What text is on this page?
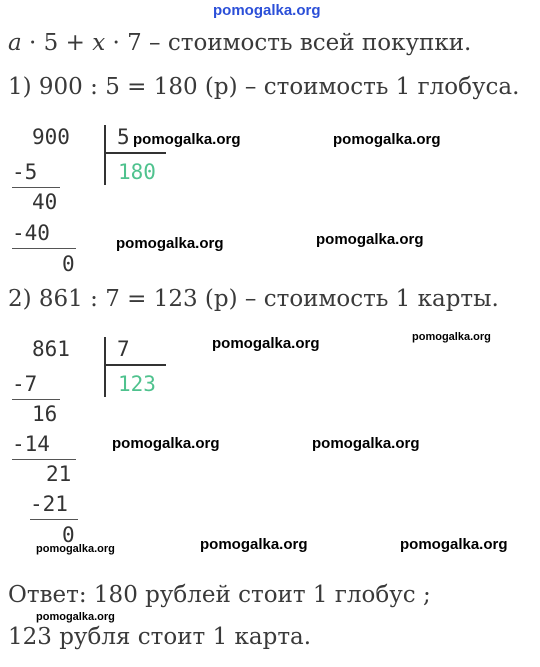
pomogalka.org
pomogalka.org	pomogalka.org
pomogalka.org	pomogalka.org
pomogalka.org	pomogalka.org
pomogalka.org	pomogalka.org
pomogalka.org	pomogalka.org	pomogalka.org
pomogalka.org
a · 5 + x · 7 – стоимость всей покупки.
1) 900 : 5 = 180 (р) – стоимость 1 глобуса.
900 5
180
-5
40
-40
0
2) 861 : 7 = 123 (р) – стоимость 1 карты.
861 7
123
-7
16
-14
21
-21
0
Ответ: 180 рублей стоит 1 глобус ;
123 рубля стоит 1 карта.
